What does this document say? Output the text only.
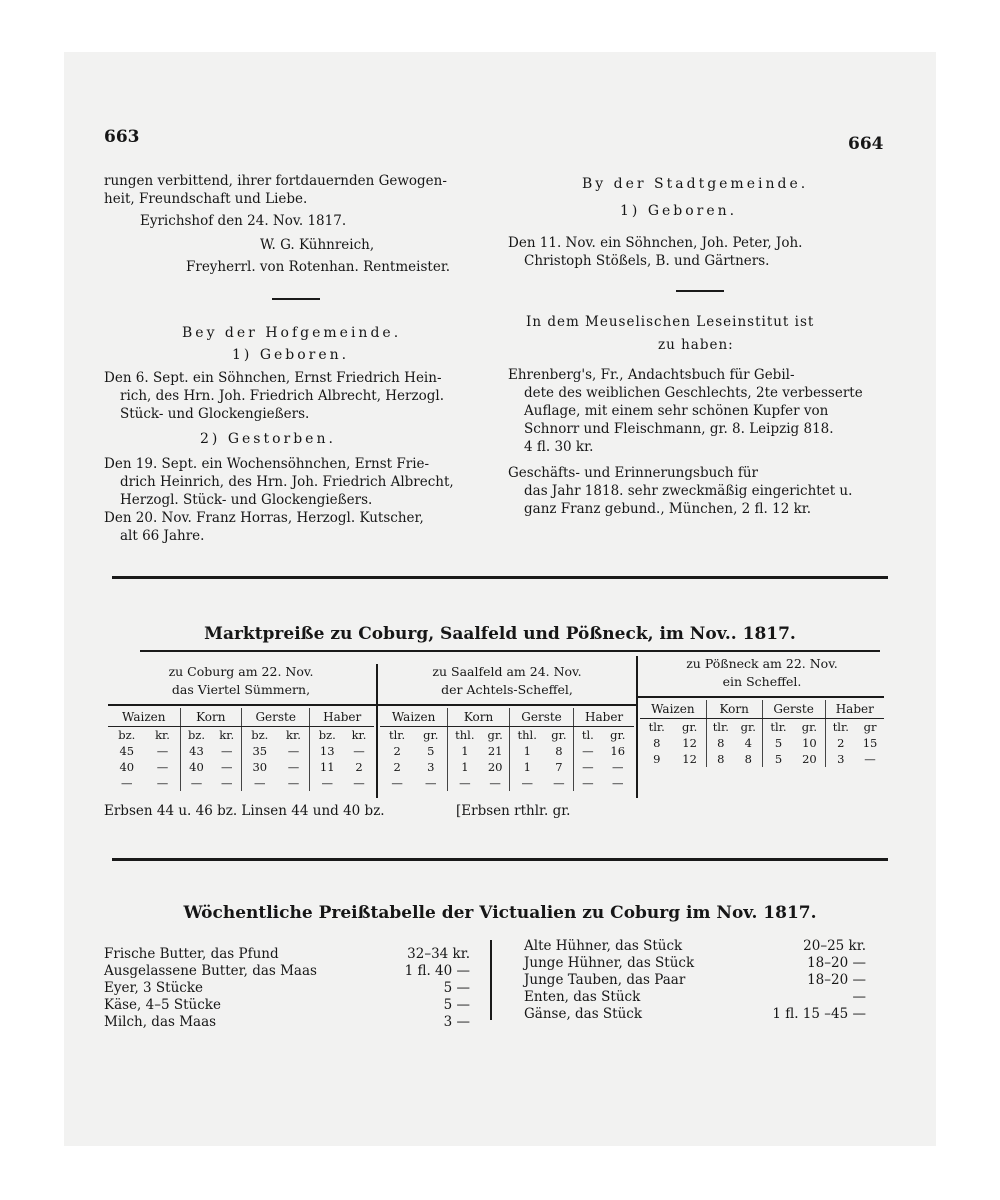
663	664
rungen verbittend, ihrer fortdauernden Gewogen-
heit, Freundschaft und Liebe.
Eyrichshof den 24. Nov. 1817.
W. G. Kühnreich,
Freyherrl. von Rotenhan. Rentmeister.
Bey der Hofgemeinde.
1) Geboren.
Den 6. Sept. ein Söhnchen, Ernst Friedrich Hein-
rich, des Hrn. Joh. Friedrich Albrecht, Herzogl.
Stück- und Glockengießers.
2) Gestorben.
Den 19. Sept. ein Wochensöhnchen, Ernst Frie-
drich Heinrich, des Hrn. Joh. Friedrich Albrecht,
Herzogl. Stück- und Glockengießers.
Den 20. Nov. Franz Horras, Herzogl. Kutscher,
alt 66 Jahre.
By der Stadtgemeinde.
1) Geboren.
Den 11. Nov. ein Söhnchen, Joh. Peter, Joh.
Christoph Stößels, B. und Gärtners.
In dem Meuselischen Leseinstitut ist
zu haben:
Ehrenberg's, Fr., Andachtsbuch für Gebil-
dete des weiblichen Geschlechts, 2te verbesserte
Auflage, mit einem sehr schönen Kupfer von
Schnorr und Fleischmann, gr. 8. Leipzig 818.
4 fl. 30 kr.
Geschäfts- und Erinnerungsbuch für
das Jahr 1818. sehr zweckmäßig eingerichtet u.
ganz Franz gebund., München, 2 fl. 12 kr.
Marktpreiße zu Coburg, Saalfeld und Pößneck, im Nov.. 1817.
zu Coburg am 22. Nov.
das Viertel Sümmern,
zu Saalfeld am 24. Nov.
der Achtels-Scheffel,
zu Pößneck am 22. Nov.
ein Scheffel.
Waizen		Korn		Gerste		Haber	
bz.	kr.	bz.	kr.	bz.	kr.	bz.	kr.
45	—	43	—	35	—	13	—
40	—	40	—	30	—	11	2
—	—	—	—	—	—	—	—
Waizen		Korn		Gerste		Haber	
tlr.	gr.	thl.	gr.	thl.	gr.	tl.	gr.
2	5	1	21	1	8	—	16
2	3	1	20	1	7	—	—
—	—	—	—	—	—	—	—
Waizen		Korn		Gerste		Haber	
tlr.	gr.	tlr.	gr.	tlr.	gr.	tlr.	gr
8	12	8	4	5	10	2	15
9	12	8	8	5	20	3	—
Erbsen 44 u. 46 bz. Linsen 44 und 40 bz.	[Erbsen rthlr. gr.
Wöchentliche Preißtabelle der Victualien zu Coburg im Nov. 1817.
Frische Butter, das Pfund	32–34 kr.
Ausgelassene Butter, das Maas	1 fl. 40 —
Eyer, 3 Stücke	5 —
Käse, 4–5 Stücke	5 —
Milch, das Maas	3 —
Alte Hühner, das Stück	20–25 kr.
Junge Hühner, das Stück	18–20 —
Junge Tauben, das Paar	18–20 —
Enten, das Stück	—
Gänse, das Stück	1 fl. 15 –45 —
